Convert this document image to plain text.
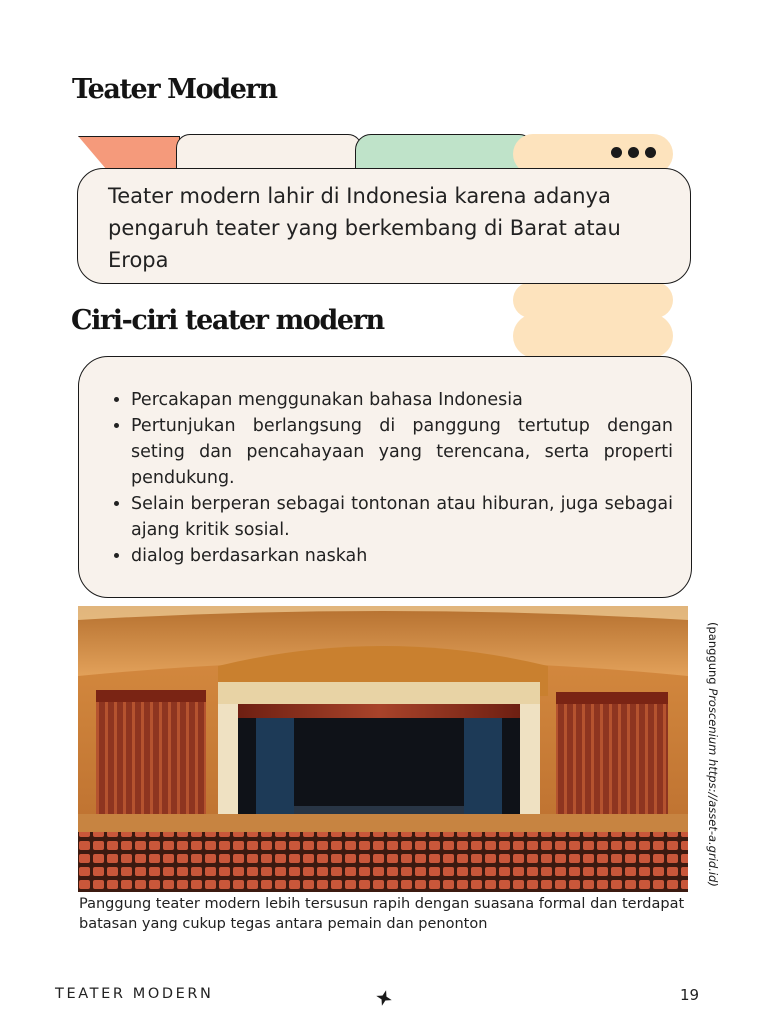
Teater Modern

Teater modern lahir di Indonesia karena adanya pengaruh teater yang berkembang di Barat atau Eropa

Ciri-ciri teater modern
• Percakapan menggunakan bahasa Indonesia
• Pertunjukan berlangsung di panggung tertutup dengan seting dan pencahayaan yang terencana, serta properti pendukung.
• Selain berperan sebagai tontonan atau hiburan, juga sebagai ajang kritik sosial.
• dialog berdasarkan naskah
(panggung Proscenium https://asset-a.grid.id)

Panggung teater modern lebih tersusun rapih dengan suasana formal dan terdapat batasan yang cukup tegas antara pemain dan penonton

TEATER MODERN	19
